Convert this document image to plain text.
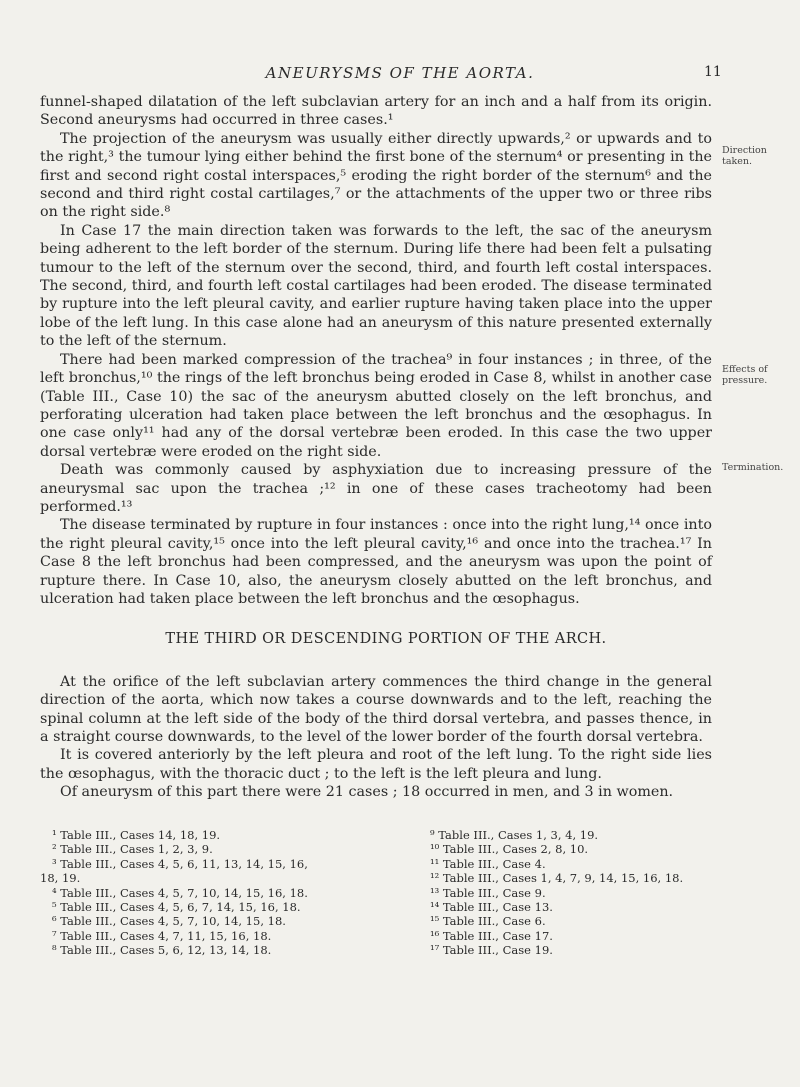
ANEURYSMS OF THE AORTA.	11

funnel-shaped dilatation of the left subclavian artery for an inch and a half from its origin. Second aneurysms had occurred in three cases.¹

The projection of the aneurysm was usually either directly upwards,² or upwards and to the right,³ the tumour lying either behind the first bone of the sternum⁴ or presenting in the first and second right costal interspaces,⁵ eroding the right border of the sternum⁶ and the second and third right costal cartilages,⁷ or the attachments of the upper two or three ribs on the right side.⁸

In Case 17 the main direction taken was forwards to the left, the sac of the aneurysm being adherent to the left border of the sternum. During life there had been felt a pulsating tumour to the left of the sternum over the second, third, and fourth left costal interspaces. The second, third, and fourth left costal cartilages had been eroded. The disease terminated by rupture into the left pleural cavity, and earlier rupture having taken place into the upper lobe of the left lung. In this case alone had an aneurysm of this nature presented externally to the left of the sternum.

There had been marked compression of the trachea⁹ in four instances ; in three, of the left bronchus,¹⁰ the rings of the left bronchus being eroded in Case 8, whilst in another case (Table III., Case 10) the sac of the aneurysm abutted closely on the left bronchus, and perforating ulceration had taken place between the left bronchus and the œsophagus. In one case only¹¹ had any of the dorsal vertebræ been eroded. In this case the two upper dorsal vertebræ were eroded on the right side.

Death was commonly caused by asphyxiation due to increasing pressure of the aneurysmal sac upon the trachea ;¹² in one of these cases tracheotomy had been performed.¹³

The disease terminated by rupture in four instances : once into the right lung,¹⁴ once into the right pleural cavity,¹⁵ once into the left pleural cavity,¹⁶ and once into the trachea.¹⁷ In Case 8 the left bronchus had been compressed, and the aneurysm was upon the point of rupture there. In Case 10, also, the aneurysm closely abutted on the left bronchus, and ulceration had taken place between the left bronchus and the œsophagus.

THE THIRD OR DESCENDING PORTION OF THE ARCH.

At the orifice of the left subclavian artery commences the third change in the general direction of the aorta, which now takes a course downwards and to the left, reaching the spinal column at the left side of the body of the third dorsal vertebra, and passes thence, in a straight course downwards, to the level of the lower border of the fourth dorsal vertebra.

It is covered anteriorly by the left pleura and root of the left lung. To the right side lies the œsophagus, with the thoracic duct ; to the left is the left pleura and lung.

Of aneurysm of this part there were 21 cases ; 18 occurred in men, and 3 in women.

Direction taken.
Effects of pressure.
Termination.
¹ Table III., Cases 14, 18, 19.
² Table III., Cases 1, 2, 3, 9.
³ Table III., Cases 4, 5, 6, 11, 13, 14, 15, 16,
18, 19.
⁴ Table III., Cases 4, 5, 7, 10, 14, 15, 16, 18.
⁵ Table III., Cases 4, 5, 6, 7, 14, 15, 16, 18.
⁶ Table III., Cases 4, 5, 7, 10, 14, 15, 18.
⁷ Table III., Cases 4, 7, 11, 15, 16, 18.
⁸ Table III., Cases 5, 6, 12, 13, 14, 18.
⁹ Table III., Cases 1, 3, 4, 19.
¹⁰ Table III., Cases 2, 8, 10.
¹¹ Table III., Case 4.
¹² Table III., Cases 1, 4, 7, 9, 14, 15, 16, 18.
¹³ Table III., Case 9.
¹⁴ Table III., Case 13.
¹⁵ Table III., Case 6.
¹⁶ Table III., Case 17.
¹⁷ Table III., Case 19.
